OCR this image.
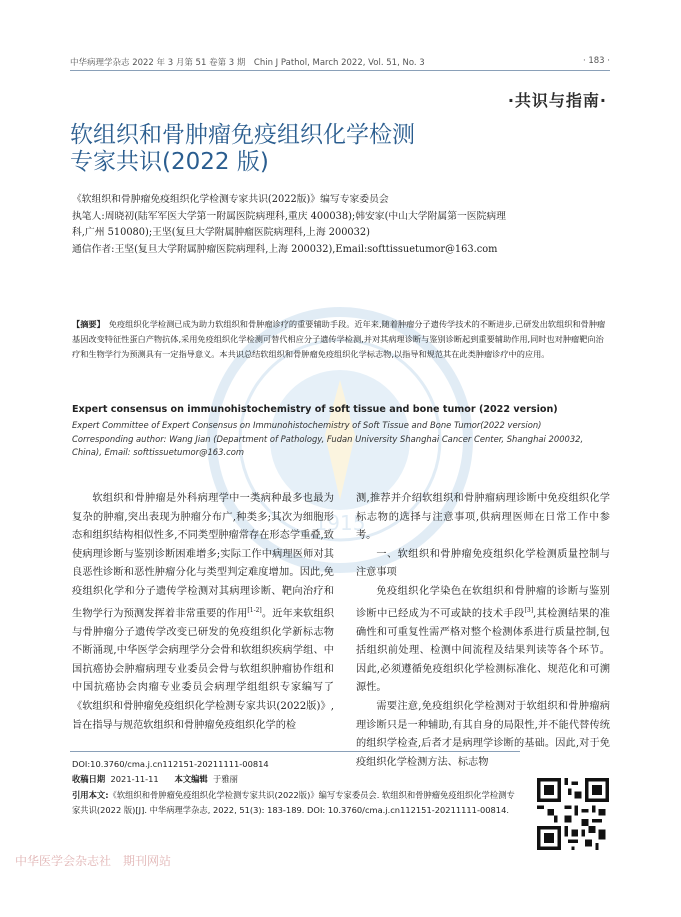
1915
中华病理学杂志 2022 年 3 月第 51 卷第 3 期　Chin J Pathol, March 2022, Vol. 51, No. 3	· 183 ·
·共识与指南·
软组织和骨肿瘤免疫组织化学检测
专家共识(2022 版)

《软组织和骨肿瘤免疫组织化学检测专家共识(2022版)》编写专家委员会

执笔人:周晓初(陆军军医大学第一附属医院病理科,重庆 400038);韩安家(中山大学附属第一医院病理科,广州 510080);王坚(复旦大学附属肿瘤医院病理科,上海 200032)

通信作者:王坚(复旦大学附属肿瘤医院病理科,上海 200032),Email:softtissuetumor@163.com

【摘要】 免疫组织化学检测已成为助力软组织和骨肿瘤诊疗的重要辅助手段。近年来,随着肿瘤分子遗传学技术的不断进步,已研发出软组织和骨肿瘤基因改变特征性蛋白产物抗体,采用免疫组织化学检测可替代相应分子遗传学检测,并对其病理诊断与鉴别诊断起到重要辅助作用,同时也对肿瘤靶向治疗和生物学行为预测具有一定指导意义。本共识总结软组织和骨肿瘤免疫组织化学标志物,以指导和规范其在此类肿瘤诊疗中的应用。
Expert consensus on immunohistochemistry of soft tissue and bone tumor (2022 version)

Expert Committee of Expert Consensus on Immunohistochemistry of Soft Tissue and Bone Tumor(2022 version)

Corresponding author: Wang Jian (Department of Pathology, Fudan University Shanghai Cancer Center, Shanghai 200032, China), Email: softtissuetumor@163.com

软组织和骨肿瘤是外科病理学中一类病种最多也最为复杂的肿瘤,突出表现为肿瘤分布广,种类多;其次为细胞形态和组织结构相似性多,不同类型肿瘤常存在形态学重叠,致使病理诊断与鉴别诊断困难增多;实际工作中病理医师对其良恶性诊断和恶性肿瘤分化与类型判定难度增加。因此,免疫组织化学和分子遗传学检测对其病理诊断、靶向治疗和生物学行为预测发挥着非常重要的作用[1-2]。近年来软组织与骨肿瘤分子遗传学改变已研发的免疫组织化学新标志物不断涌现,中华医学会病理学分会骨和软组织疾病学组、中国抗癌协会肿瘤病理专业委员会骨与软组织肿瘤协作组和中国抗癌协会肉瘤专业委员会病理学组组织专家编写了《软组织和骨肿瘤免疫组织化学检测专家共识(2022版)》,旨在指导与规范软组织和骨肿瘤免疫组织化学的检

测,推荐并介绍软组织和骨肿瘤病理诊断中免疫组织化学标志物的选择与注意事项,供病理医师在日常工作中参考。

一、软组织和骨肿瘤免疫组织化学检测质量控制与注意事项

免疫组织化学染色在软组织和骨肿瘤的诊断与鉴别诊断中已经成为不可或缺的技术手段[3],其检测结果的准确性和可重复性需严格对整个检测体系进行质量控制,包括组织前处理、检测中间流程及结果判读等各个环节。因此,必须遵循免疫组织化学检测标准化、规范化和可溯源性。

需要注意,免疫组织化学检测对于软组织和骨肿瘤病理诊断只是一种辅助,有其自身的局限性,并不能代替传统的组织学检查,后者才是病理学诊断的基础。因此,对于免疫组织化学检测方法、标志物

DOI:10.3760/cma.j.cn112151-20211111-00814

收稿日期 2021-11-11 本文编辑 于雅丽

引用本文:《软组织和骨肿瘤免疫组织化学检测专家共识(2022版)》编写专家委员会. 软组织和骨肿瘤免疫组织化学检测专家共识(2022 版)[J]. 中华病理学杂志, 2022, 51(3): 183-189. DOI: 10.3760/cma.j.cn112151-20211111-00814.

中华医学会杂志社　期刊网站
